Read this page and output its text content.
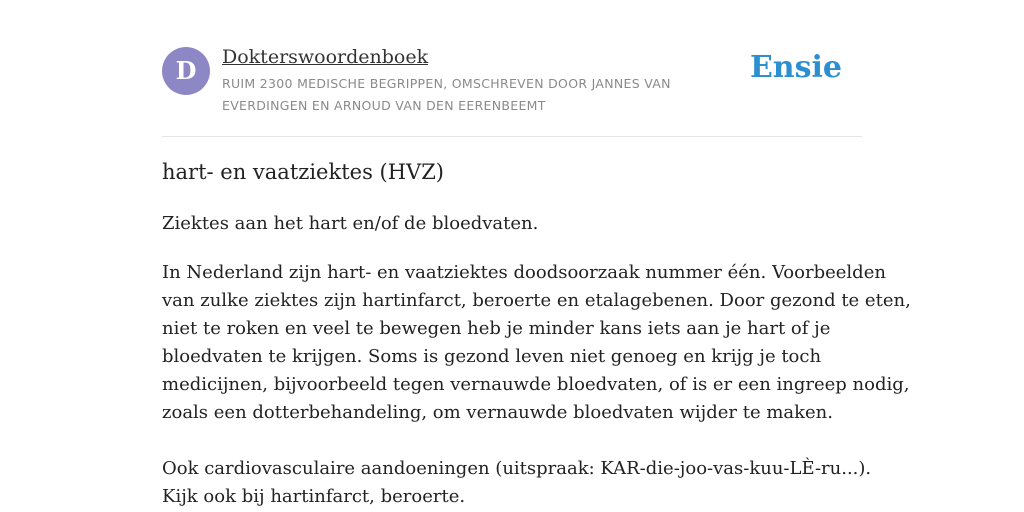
D	Dokterswoordenboek
RUIM 2300 MEDISCHE BEGRIPPEN, OMSCHREVEN DOOR JANNES VAN EVERDINGEN EN ARNOUD VAN DEN EERENBEEMT
Ensie
hart- en vaatziektes (HVZ)

Ziektes aan het hart en/of de bloedvaten.

In Nederland zijn hart- en vaatziektes doodsoorzaak nummer één. Voorbeelden
van zulke ziektes zijn hartinfarct, beroerte en etalagebenen. Door gezond te eten,
niet te roken en veel te bewegen heb je minder kans iets aan je hart of je
bloedvaten te krijgen. Soms is gezond leven niet genoeg en krijg je toch
medicijnen, bijvoorbeeld tegen vernauwde bloedvaten, of is er een ingreep nodig,
zoals een dotterbehandeling, om vernauwde bloedvaten wijder te maken.

Ook cardiovasculaire aandoeningen (uitspraak: KAR-die-joo-vas-kuu-LÈ-ru...).
Kijk ook bij hartinfarct, beroerte.
